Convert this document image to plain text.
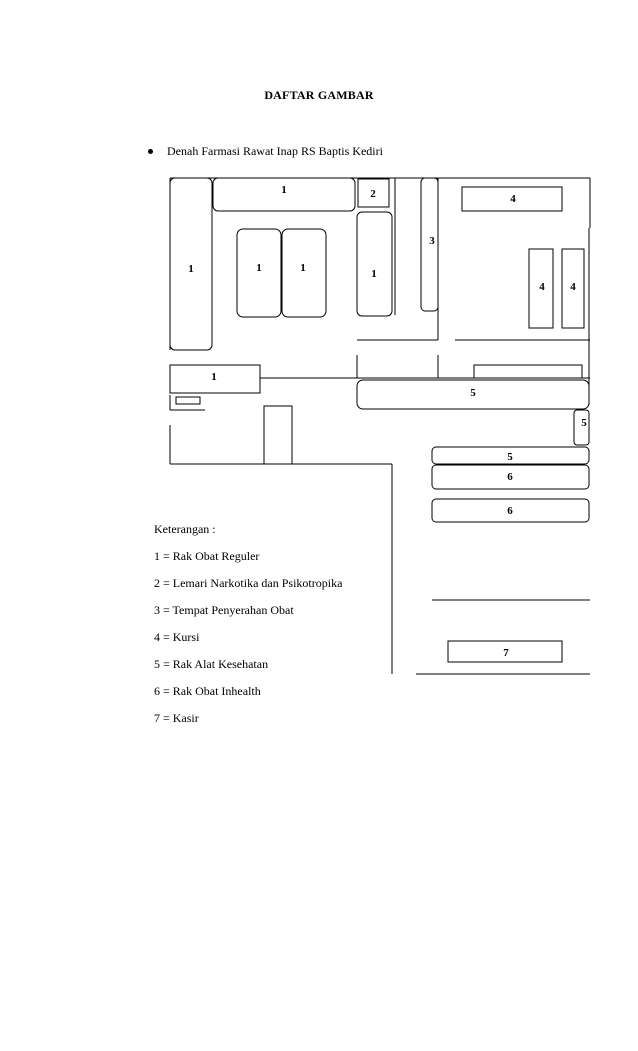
DAFTAR GAMBAR
Denah Farmasi Rawat Inap RS Baptis Kediri
1
1	2
1	1	1
3
4
4 4
1
5
5
5
6
6
7
Keterangan :
1 = Rak Obat Reguler
2 = Lemari Narkotika dan Psikotropika
3 = Tempat Penyerahan Obat
4 = Kursi
5 = Rak Alat Kesehatan
6 = Rak Obat Inhealth
7 = Kasir
